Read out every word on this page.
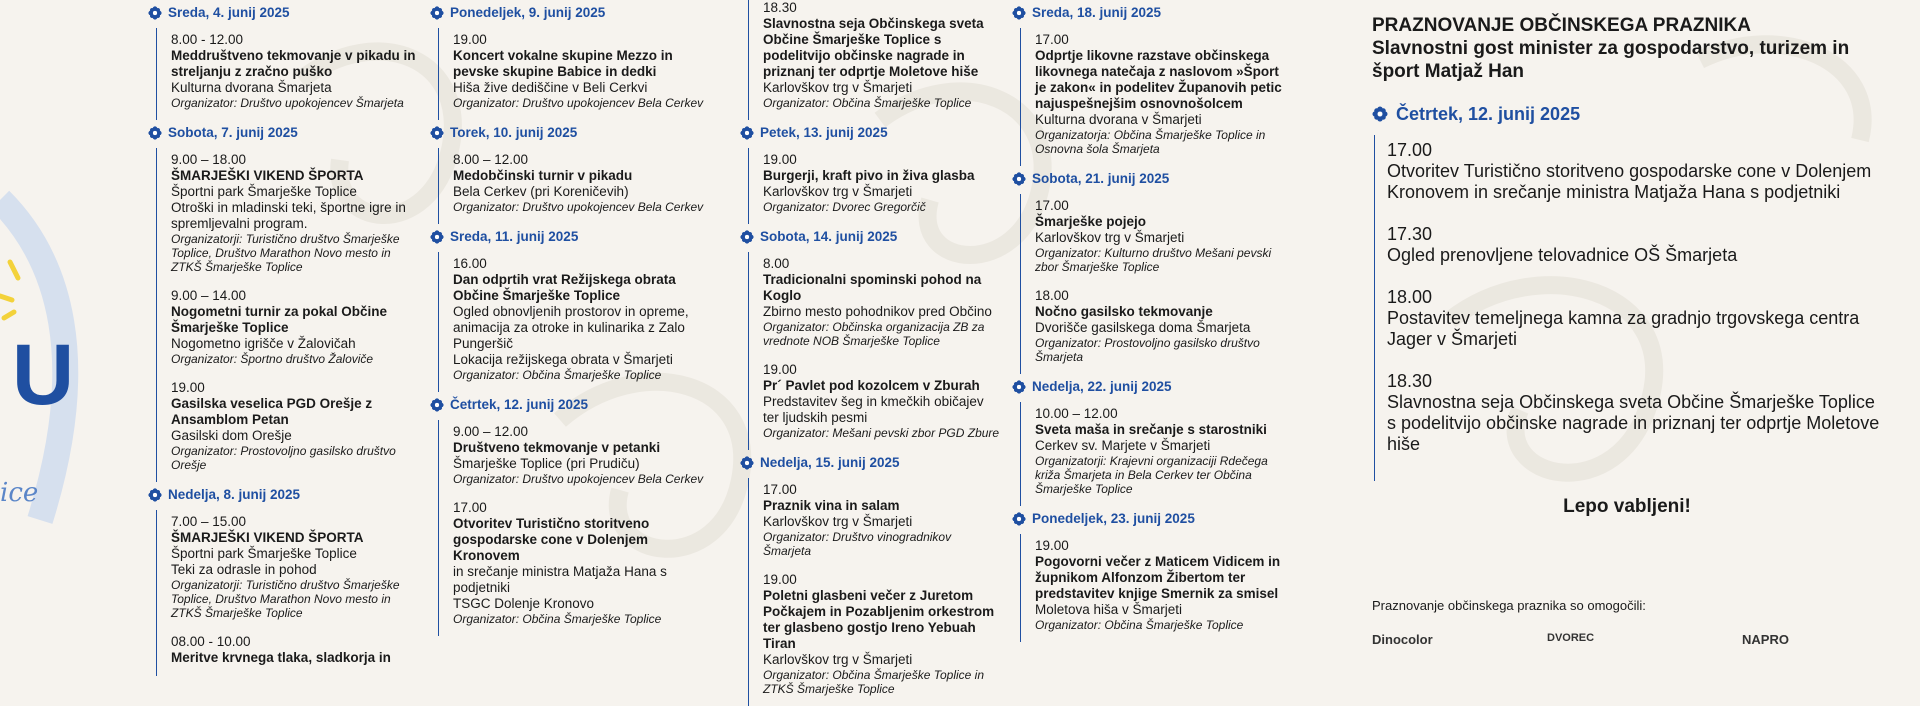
U
ice
Sreda, 4. junij 2025
8.00 - 12.00
Meddruštveno tekmovanje v pikadu in streljanju z zračno puško
Kulturna dvorana Šmarjeta
Organizator: Društvo upokojencev Šmarjeta
Sobota, 7. junij 2025
9.00 – 18.00
ŠMARJEŠKI VIKEND ŠPORTA
Športni park Šmarješke Toplice
Otroški in mladinski teki, športne igre in spremljevalni program.
Organizatorji: Turistično društvo Šmarješke Toplice, Društvo Marathon Novo mesto in ZTKŠ Šmarješke Toplice
9.00 – 14.00
Nogometni turnir za pokal Občine Šmarješke Toplice
Nogometno igrišče v Žalovičah
Organizator: Športno društvo Žaloviče
19.00
Gasilska veselica PGD Orešje z Ansamblom Petan
Gasilski dom Orešje
Organizator: Prostovoljno gasilsko društvo Orešje
Nedelja, 8. junij 2025
7.00 – 15.00
ŠMARJEŠKI VIKEND ŠPORTA
Športni park Šmarješke Toplice
Teki za odrasle in pohod
Organizatorji: Turistično društvo Šmarješke Toplice, Društvo Marathon Novo mesto in ZTKŠ Šmarješke Toplice
08.00 - 10.00
Meritve krvnega tlaka, sladkorja in
Ponedeljek, 9. junij 2025
19.00
Koncert vokalne skupine Mezzo in pevske skupine Babice in dedki
Hiša žive dediščine v Beli Cerkvi
Organizator: Društvo upokojencev Bela Cerkev
Torek, 10. junij 2025
8.00 – 12.00
Medobčinski turnir v pikadu
Bela Cerkev (pri Koreničevih)
Organizator: Društvo upokojencev Bela Cerkev
Sreda, 11. junij 2025
16.00
Dan odprtih vrat Režijskega obrata Občine Šmarješke Toplice
Ogled obnovljenih prostorov in opreme, animacija za otroke in kulinarika z Zalo Pungeršič
Lokacija režijskega obrata v Šmarjeti
Organizator: Občina Šmarješke Toplice
Četrtek, 12. junij 2025
9.00 – 12.00
Društveno tekmovanje v petanki
Šmarješke Toplice (pri Prudiču)
Organizator: Društvo upokojencev Bela Cerkev
17.00
Otvoritev Turistično storitveno gospodarske cone v Dolenjem Kronovem
in srečanje ministra Matjaža Hana s podjetniki
TSGC Dolenje Kronovo
Organizator: Občina Šmarješke Toplice
18.30
Slavnostna seja Občinskega sveta Občine Šmarješke Toplice s podelitvijo občinske nagrade in priznanj ter odprtje Moletove hiše
Karlovškov trg v Šmarjeti
Organizator: Občina Šmarješke Toplice
Petek, 13. junij 2025
19.00
Burgerji, kraft pivo in živa glasba
Karlovškov trg v Šmarjeti
Organizator: Dvorec Gregorčič
Sobota, 14. junij 2025
8.00
Tradicionalni spominski pohod na Koglo
Zbirno mesto pohodnikov pred Občino
Organizator: Občinska organizacija ZB za vrednote NOB Šmarješke Toplice
19.00
Pr´ Pavlet pod kozolcem v Zburah
Predstavitev šeg in kmečkih običajev ter ljudskih pesmi
Organizator: Mešani pevski zbor PGD Zbure
Nedelja, 15. junij 2025
17.00
Praznik vina in salam
Karlovškov trg v Šmarjeti
Organizator: Društvo vinogradnikov Šmarjeta
19.00
Poletni glasbeni večer z Juretom Počkajem in Pozabljenim orkestrom ter glasbeno gostjo Ireno Yebuah Tiran
Karlovškov trg v Šmarjeti
Organizator: Občina Šmarješke Toplice in ZTKŠ Šmarješke Toplice
Sreda, 18. junij 2025
17.00
Odprtje likovne razstave občinskega likovnega natečaja z naslovom »Šport je zakon« in podelitev Županovih petic najuspešnejšim osnovnošolcem
Kulturna dvorana v Šmarjeti
Organizatorja: Občina Šmarješke Toplice in Osnovna šola Šmarjeta
Sobota, 21. junij 2025
17.00
Šmarješke pojejo
Karlovškov trg v Šmarjeti
Organizator: Kulturno društvo Mešani pevski zbor Šmarješke Toplice
18.00
Nočno gasilsko tekmovanje
Dvorišče gasilskega doma Šmarjeta
Organizator: Prostovoljno gasilsko društvo Šmarjeta
Nedelja, 22. junij 2025
10.00 – 12.00
Sveta maša in srečanje s starostniki
Cerkev sv. Marjete v Šmarjeti
Organizatorji: Krajevni organizaciji Rdečega križa Šmarjeta in Bela Cerkev ter Občina Šmarješke Toplice
Ponedeljek, 23. junij 2025
19.00
Pogovorni večer z Maticem Vidicem in župnikom Alfonzom Žibertom ter predstavitev knjige Smernik za smisel
Moletova hiša v Šmarjeti
Organizator: Občina Šmarješke Toplice
PRAZNOVANJE OBČINSKEGA PRAZNIKA
Slavnostni gost minister za gospodarstvo, turizem in šport Matjaž Han
Četrtek, 12. junij 2025
17.00
Otvoritev Turistično storitveno gospodarske cone v Dolenjem Kronovem in srečanje ministra Matjaža Hana s podjetniki
17.30
Ogled prenovljene telovadnice OŠ Šmarjeta
18.00
Postavitev temeljnega kamna za gradnjo trgovskega centra Jager v Šmarjeti
18.30
Slavnostna seja Občinskega sveta Občine Šmarješke Toplice s podelitvijo občinske nagrade in priznanj ter odprtje Moletove hiše
Lepo vabljeni!
Praznovanje občinskega praznika so omogočili:
Dinocolor	DVOREC	NAPRO
